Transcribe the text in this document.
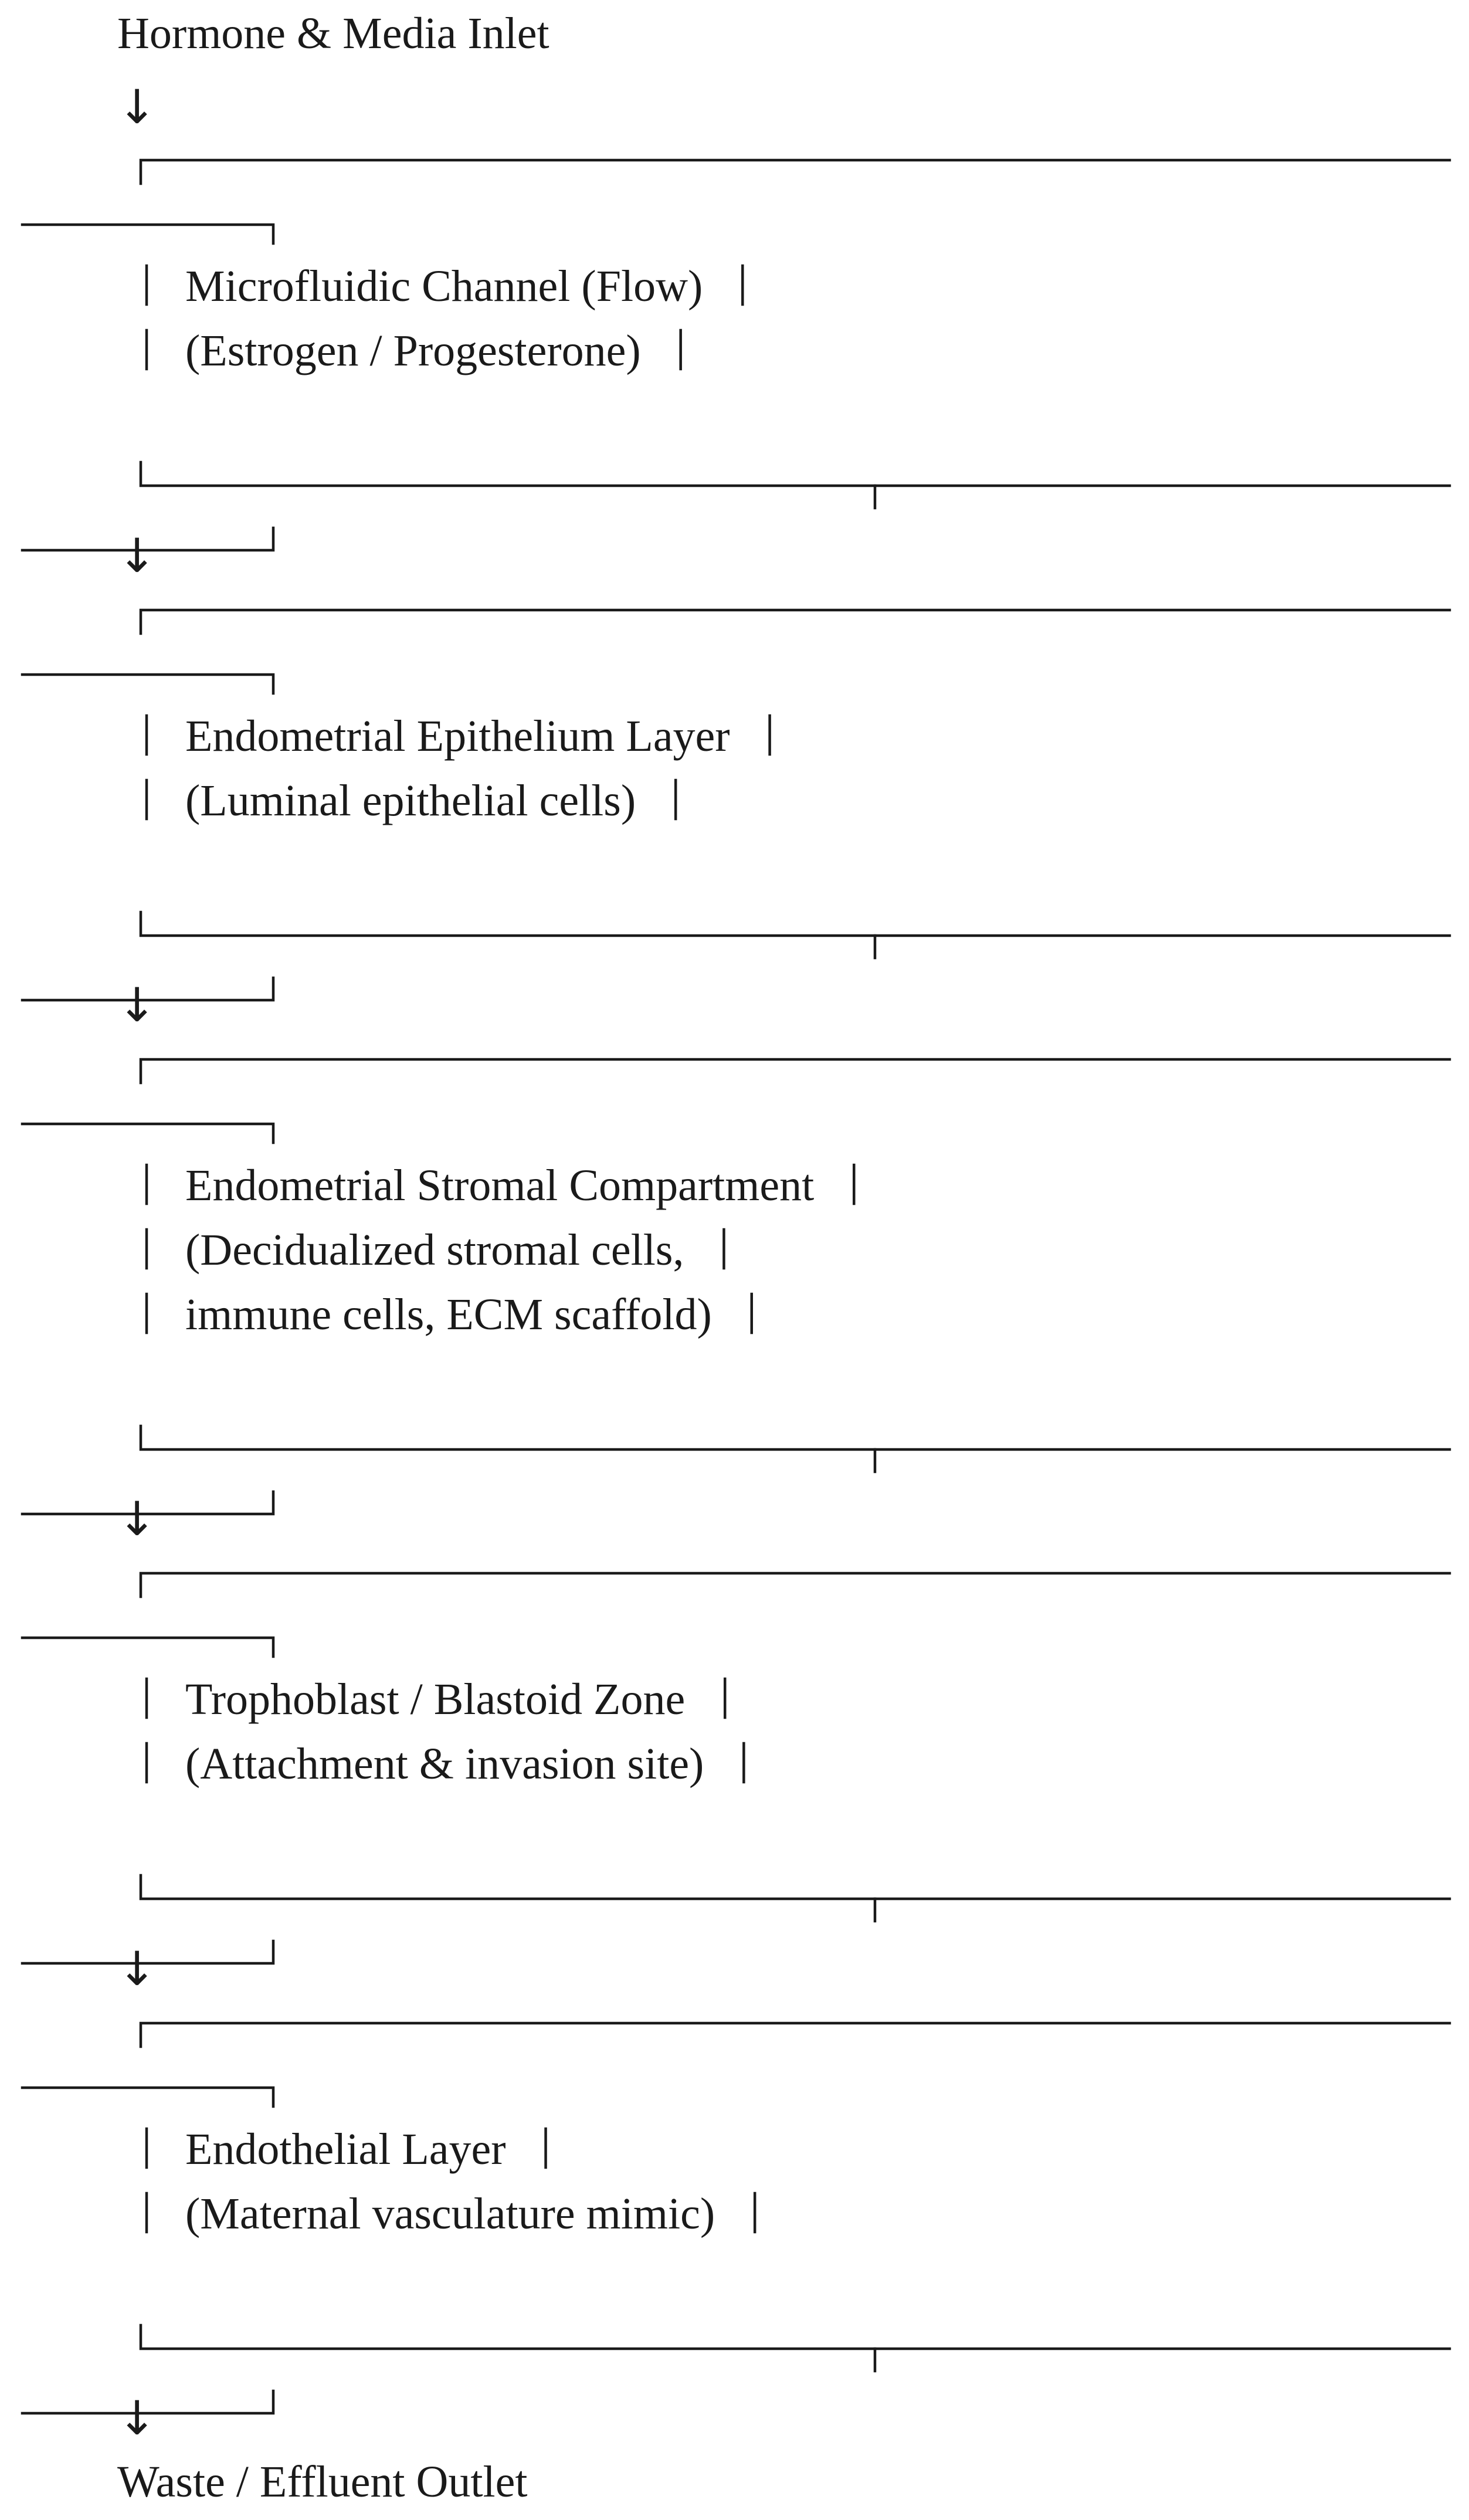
Hormone & Media Inlet
Microfluidic Channel (Flow)
(Estrogen / Progesterone)
Endometrial Epithelium Layer
(Luminal epithelial cells)
Endometrial Stromal Compartment
(Decidualized stromal cells,
immune cells, ECM scaffold)
Trophoblast / Blastoid Zone
(Attachment & invasion site)
Endothelial Layer
(Maternal vasculature mimic)
↓
↓
↓
↓
↓
↓
Waste / Effluent Outlet
